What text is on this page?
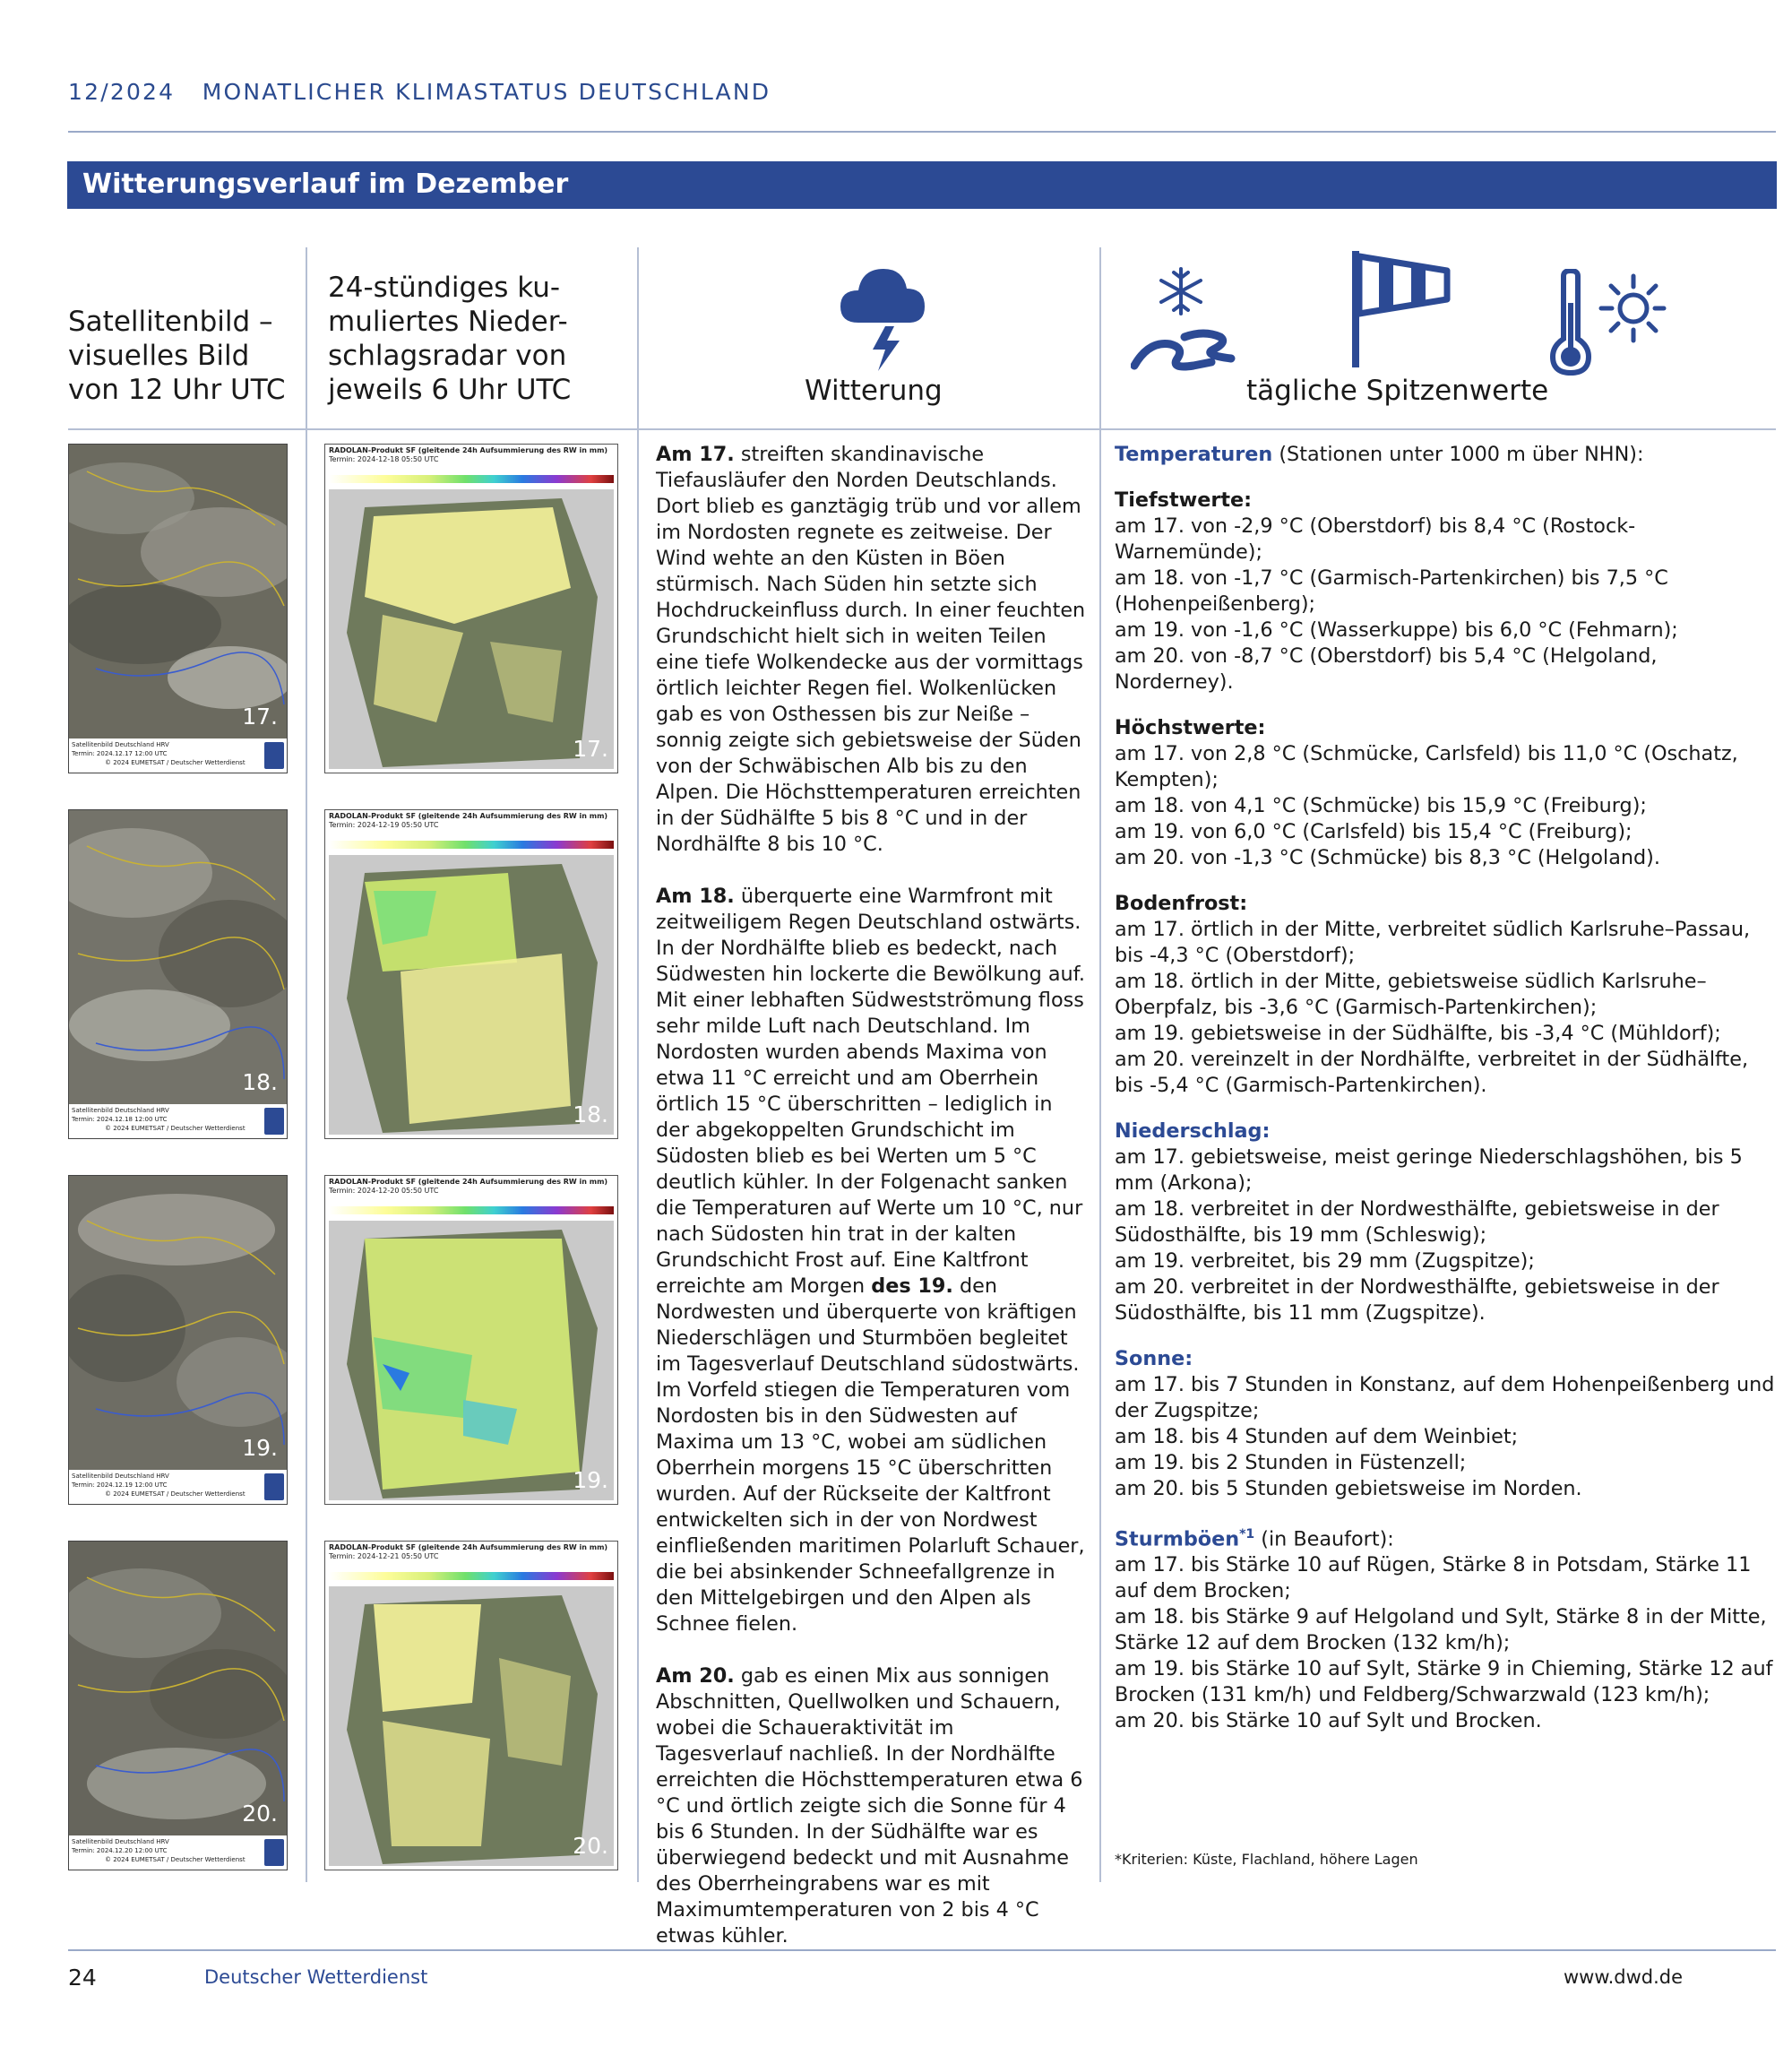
12/2024 MONATLICHER KLIMASTATUS DEUTSCHLAND
Witterungsverlauf im Dezember
Satellitenbild –
visuelles Bild
von 12 Uhr UTC
24-stündiges ku-
muliertes Nieder-
schlagsradar von
jeweils 6 Uhr UTC	Witterung	tägliche Spitzenwerte
17.
Satellitenbild Deutschland HRV
Termin: 2024.12.17 12:00 UTC
© 2024 EUMETSAT / Deutscher Wetterdienst
18.
Satellitenbild Deutschland HRV
Termin: 2024.12.18 12:00 UTC
© 2024 EUMETSAT / Deutscher Wetterdienst
19.
Satellitenbild Deutschland HRV
Termin: 2024.12.19 12:00 UTC
© 2024 EUMETSAT / Deutscher Wetterdienst
20.
Satellitenbild Deutschland HRV
Termin: 2024.12.20 12:00 UTC
© 2024 EUMETSAT / Deutscher Wetterdienst
RADOLAN-Produkt SF (gleitende 24h Aufsummierung des RW in mm)
Termin: 2024-12-18 05:50 UTC
17.
RADOLAN-Produkt SF (gleitende 24h Aufsummierung des RW in mm)
Termin: 2024-12-19 05:50 UTC
18.
RADOLAN-Produkt SF (gleitende 24h Aufsummierung des RW in mm)
Termin: 2024-12-20 05:50 UTC
19.
RADOLAN-Produkt SF (gleitende 24h Aufsummierung des RW in mm)
Termin: 2024-12-21 05:50 UTC
20.

Am 17. streiften skandinavische Tiefausläufer den Norden Deutschlands. Dort blieb es ganztägig trüb und vor allem im Nordosten regnete es zeitweise. Der Wind wehte an den Küsten in Böen stürmisch. Nach Süden hin setzte sich Hochdruckeinfluss durch. In einer feuchten Grundschicht hielt sich in weiten Teilen eine tiefe Wolkendecke aus der vormittags örtlich leichter Regen fiel. Wolkenlücken gab es von Osthessen bis zur Neiße – sonnig zeigte sich gebietsweise der Süden von der Schwäbischen Alb bis zu den Alpen. Die Höchsttemperaturen erreichten in der Südhälfte 5 bis 8 °C und in der Nordhälfte 8 bis 10 °C.

Am 18. überquerte eine Warmfront mit zeitweiligem Regen Deutschland ostwärts. In der Nordhälfte blieb es bedeckt, nach Südwesten hin lockerte die Bewölkung auf. Mit einer lebhaften Südwestströmung floss sehr milde Luft nach Deutschland. Im Nordosten wurden abends Maxima von etwa 11 °C erreicht und am Oberrhein örtlich 15 °C überschritten – lediglich in der abgekoppelten Grundschicht im Südosten blieb es bei Werten um 5 °C deutlich kühler. In der Folgenacht sanken die Temperaturen auf Werte um 10 °C, nur nach Südosten hin trat in der kalten Grundschicht Frost auf. Eine Kaltfront erreichte am Morgen des 19. den Nordwesten und überquerte von kräftigen Niederschlägen und Sturmböen begleitet im Tagesverlauf Deutschland südostwärts. Im Vorfeld stiegen die Temperaturen vom Nordosten bis in den Südwesten auf Maxima um 13 °C, wobei am südlichen Oberrhein morgens 15 °C überschritten wurden. Auf der Rückseite der Kaltfront entwickelten sich in der von Nordwest einfließenden maritimen Polarluft Schauer, die bei absinkender Schneefallgrenze in den Mittelgebirgen und den Alpen als Schnee fielen.

Am 20. gab es einen Mix aus sonnigen Abschnitten, Quellwolken und Schauern, wobei die Schaueraktivität im Tagesverlauf nachließ. In der Nordhälfte erreichten die Höchsttemperaturen etwa 6 °C und örtlich zeigte sich die Sonne für 4 bis 6 Stunden. In der Südhälfte war es überwiegend bedeckt und mit Ausnahme des Oberrheingrabens war es mit Maximumtemperaturen von 2 bis 4 °C etwas kühler.

Temperaturen (Stationen unter 1000 m über NHN):
Tiefstwerte:
am 17. von -2,9 °C (Oberstdorf) bis 8,4 °C (Rostock-Warnemünde);
am 18. von -1,7 °C (Garmisch-Partenkirchen) bis 7,5 °C (Hohenpeißenberg);
am 19. von -1,6 °C (Wasserkuppe) bis 6,0 °C (Fehmarn);
am 20. von -8,7 °C (Oberstdorf) bis 5,4 °C (Helgoland, Norderney).
Höchstwerte:
am 17. von 2,8 °C (Schmücke, Carlsfeld) bis 11,0 °C (Oschatz, Kempten);
am 18. von 4,1 °C (Schmücke) bis 15,9 °C (Freiburg);
am 19. von 6,0 °C (Carlsfeld) bis 15,4 °C (Freiburg);
am 20. von -1,3 °C (Schmücke) bis 8,3 °C (Helgoland).
Bodenfrost:
am 17. örtlich in der Mitte, verbreitet südlich Karlsruhe–Passau, bis -4,3 °C (Oberstdorf);
am 18. örtlich in der Mitte, gebietsweise südlich Karlsruhe–Oberpfalz, bis -3,6 °C (Garmisch-Partenkirchen);
am 19. gebietsweise in der Südhälfte, bis -3,4 °C (Mühldorf);
am 20. vereinzelt in der Nordhälfte, verbreitet in der Südhälfte, bis -5,4 °C (Garmisch-Partenkirchen).
Niederschlag:
am 17. gebietsweise, meist geringe Niederschlagshöhen, bis 5 mm (Arkona);
am 18. verbreitet in der Nordwesthälfte, gebietsweise in der Südosthälfte, bis 19 mm (Schleswig);
am 19. verbreitet, bis 29 mm (Zugspitze);
am 20. verbreitet in der Nordwesthälfte, gebietsweise in der Südosthälfte, bis 11 mm (Zugspitze).
Sonne:
am 17. bis 7 Stunden in Konstanz, auf dem Hohenpeißenberg und der Zugspitze;
am 18. bis 4 Stunden auf dem Weinbiet;
am 19. bis 2 Stunden in Füstenzell;
am 20. bis 5 Stunden gebietsweise im Norden.
Sturmböen$^{*1}$ (in Beaufort):
am 17. bis Stärke 10 auf Rügen, Stärke 8 in Potsdam, Stärke 11 auf dem Brocken;
am 18. bis Stärke 9 auf Helgoland und Sylt, Stärke 8 in der Mitte, Stärke 12 auf dem Brocken (132 km/h);
am 19. bis Stärke 10 auf Sylt, Stärke 9 in Chieming, Stärke 12 auf Brocken (131 km/h) und Feldberg/Schwarzwald (123 km/h);
am 20. bis Stärke 10 auf Sylt und Brocken.
*Kriterien: Küste, Flachland, höhere Lagen
24	Deutscher Wetterdienst	www.dwd.de
